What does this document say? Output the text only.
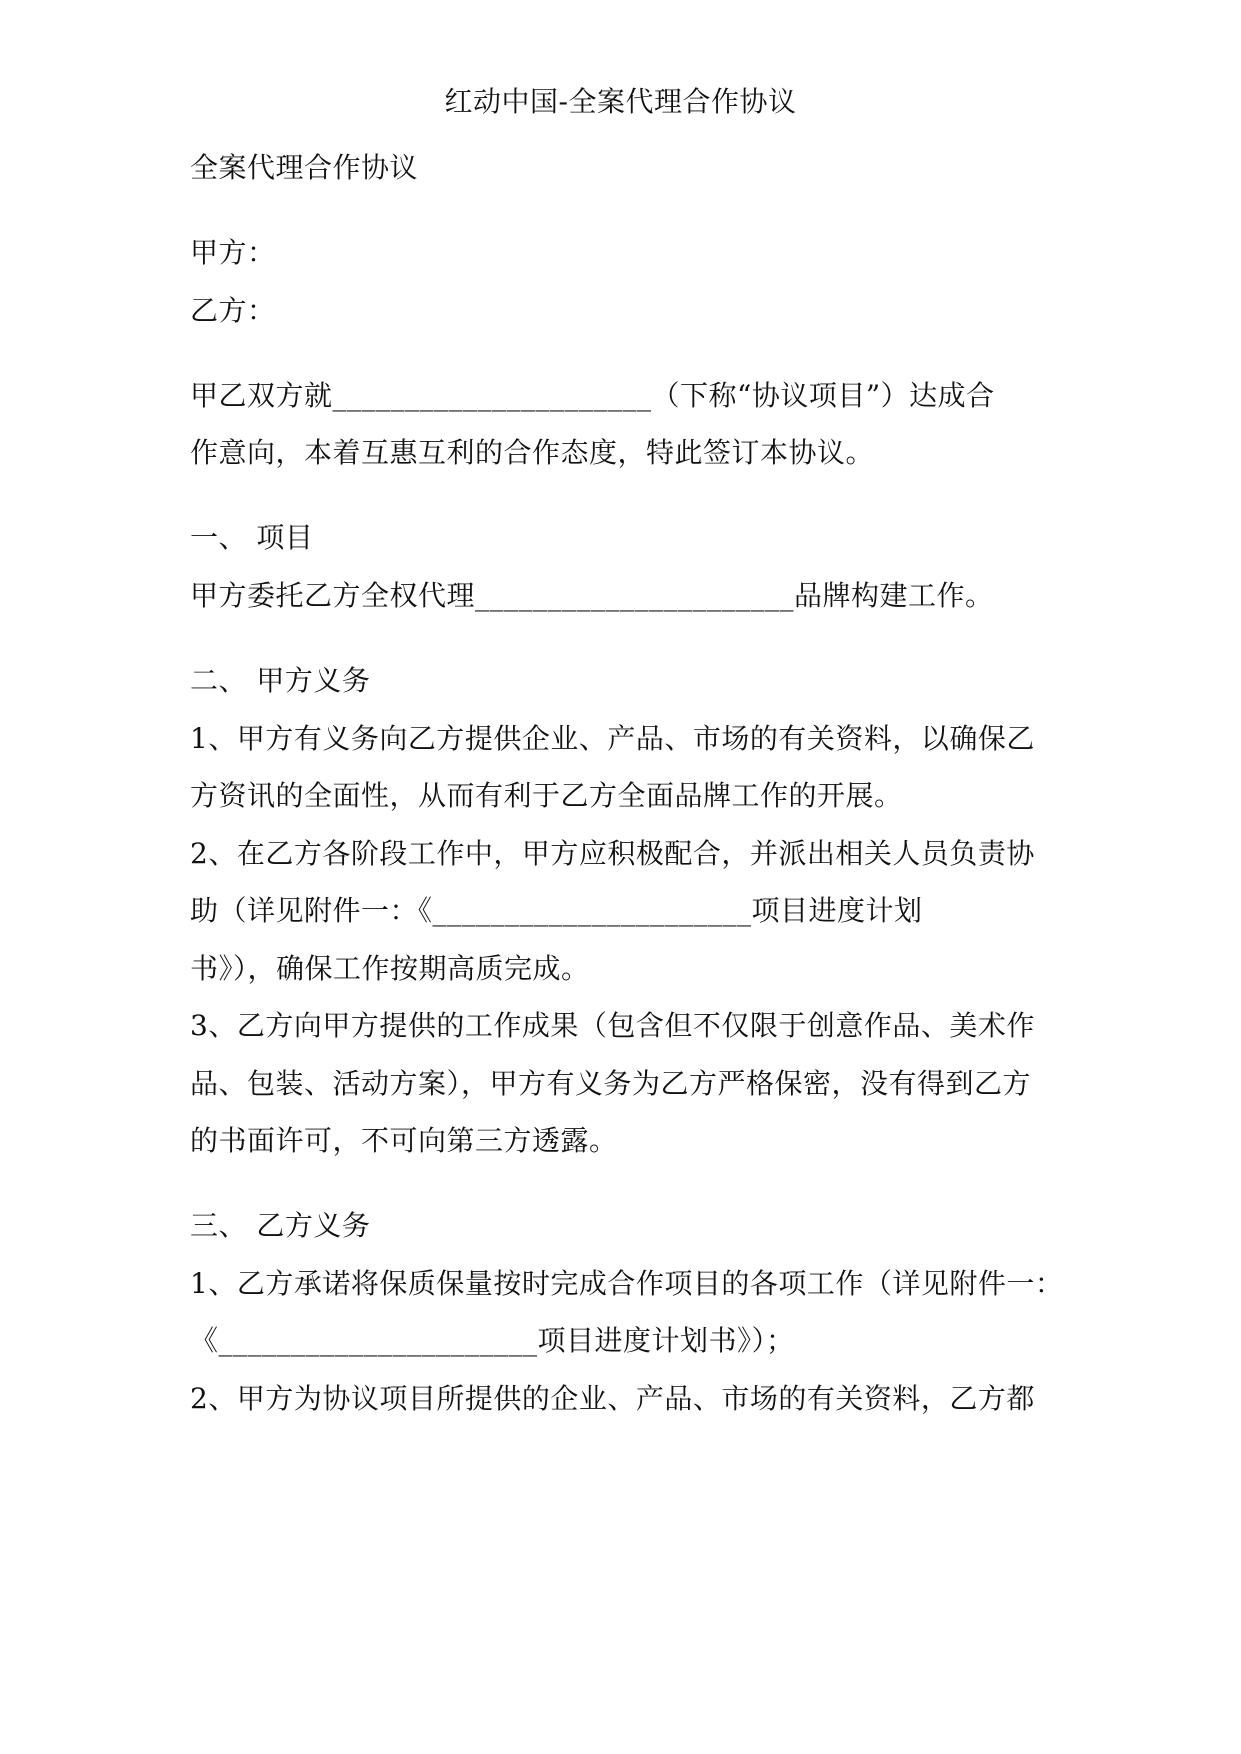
红动中国-全案代理合作协议
全案代理合作协议
甲方：
乙方：
甲乙双方就______________________（下称“协议项目”）达成合
作意向，本着互惠互利的合作态度，特此签订本协议。
一、 项目
甲方委托乙方全权代理______________________品牌构建工作。
二、 甲方义务
1、甲方有义务向乙方提供企业、产品、市场的有关资料，以确保乙
方资讯的全面性，从而有利于乙方全面品牌工作的开展。
2、在乙方各阶段工作中，甲方应积极配合，并派出相关人员负责协
助（详见附件一：《______________________项目进度计划
书》），确保工作按期高质完成。
3、乙方向甲方提供的工作成果（包含但不仅限于创意作品、美术作
品、包装、活动方案），甲方有义务为乙方严格保密，没有得到乙方
的书面许可，不可向第三方透露。
三、 乙方义务
1、乙方承诺将保质保量按时完成合作项目的各项工作（详见附件一：
《______________________项目进度计划书》）；
2、甲方为协议项目所提供的企业、产品、市场的有关资料，乙方都
